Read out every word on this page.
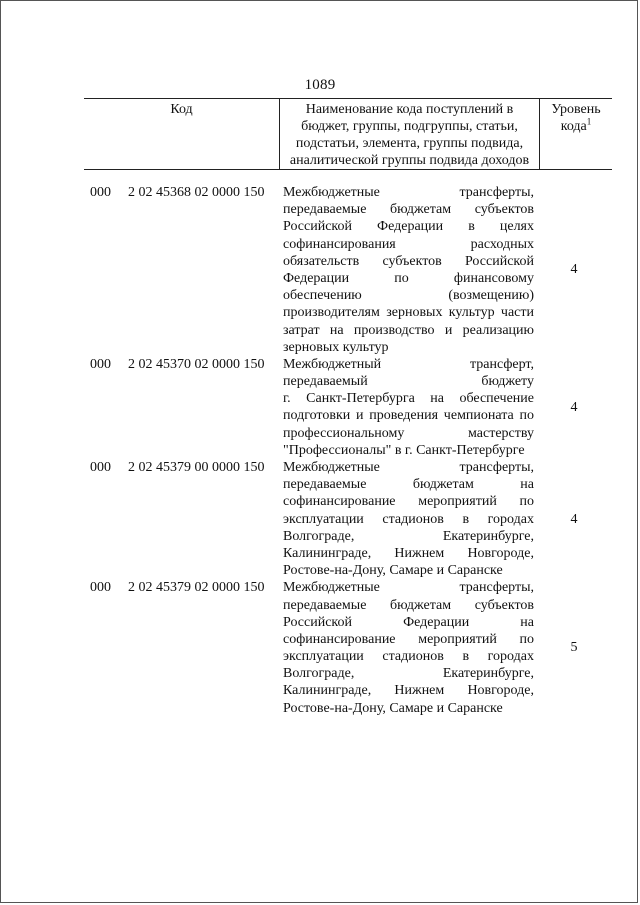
1089
Код	Наименование кода поступлений в
бюджет, группы, подгруппы, статьи,
подстатьи, элемента, группы подвида,
аналитической группы подвида доходов
Уровень
кода$^1$
000	2 02 45368 02 0000 150	Межбюджетные трансферты,
передаваемые бюджетам субъектов
Российской Федерации в целях
софинансирования расходных
обязательств субъектов Российской
Федерации по финансовому
обеспечению (возмещению)
производителям зерновых культур части
затрат на производство и реализацию
зерновых культур
4
000	2 02 45370 02 0000 150	Межбюджетный трансферт,
передаваемый бюджету
г. Санкт-Петербурга на обеспечение
подготовки и проведения чемпионата по
профессиональному мастерству
"Профессионалы" в г. Санкт-Петербурге
4
000	2 02 45379 00 0000 150	Межбюджетные трансферты,
передаваемые бюджетам на
софинансирование мероприятий по
эксплуатации стадионов в городах
Волгограде, Екатеринбурге,
Калининграде, Нижнем Новгороде,
Ростове-на-Дону, Самаре и Саранске
4
000	2 02 45379 02 0000 150	Межбюджетные трансферты,
передаваемые бюджетам субъектов
Российской Федерации на
софинансирование мероприятий по
эксплуатации стадионов в городах
Волгограде, Екатеринбурге,
Калининграде, Нижнем Новгороде,
Ростове-на-Дону, Самаре и Саранске
5
